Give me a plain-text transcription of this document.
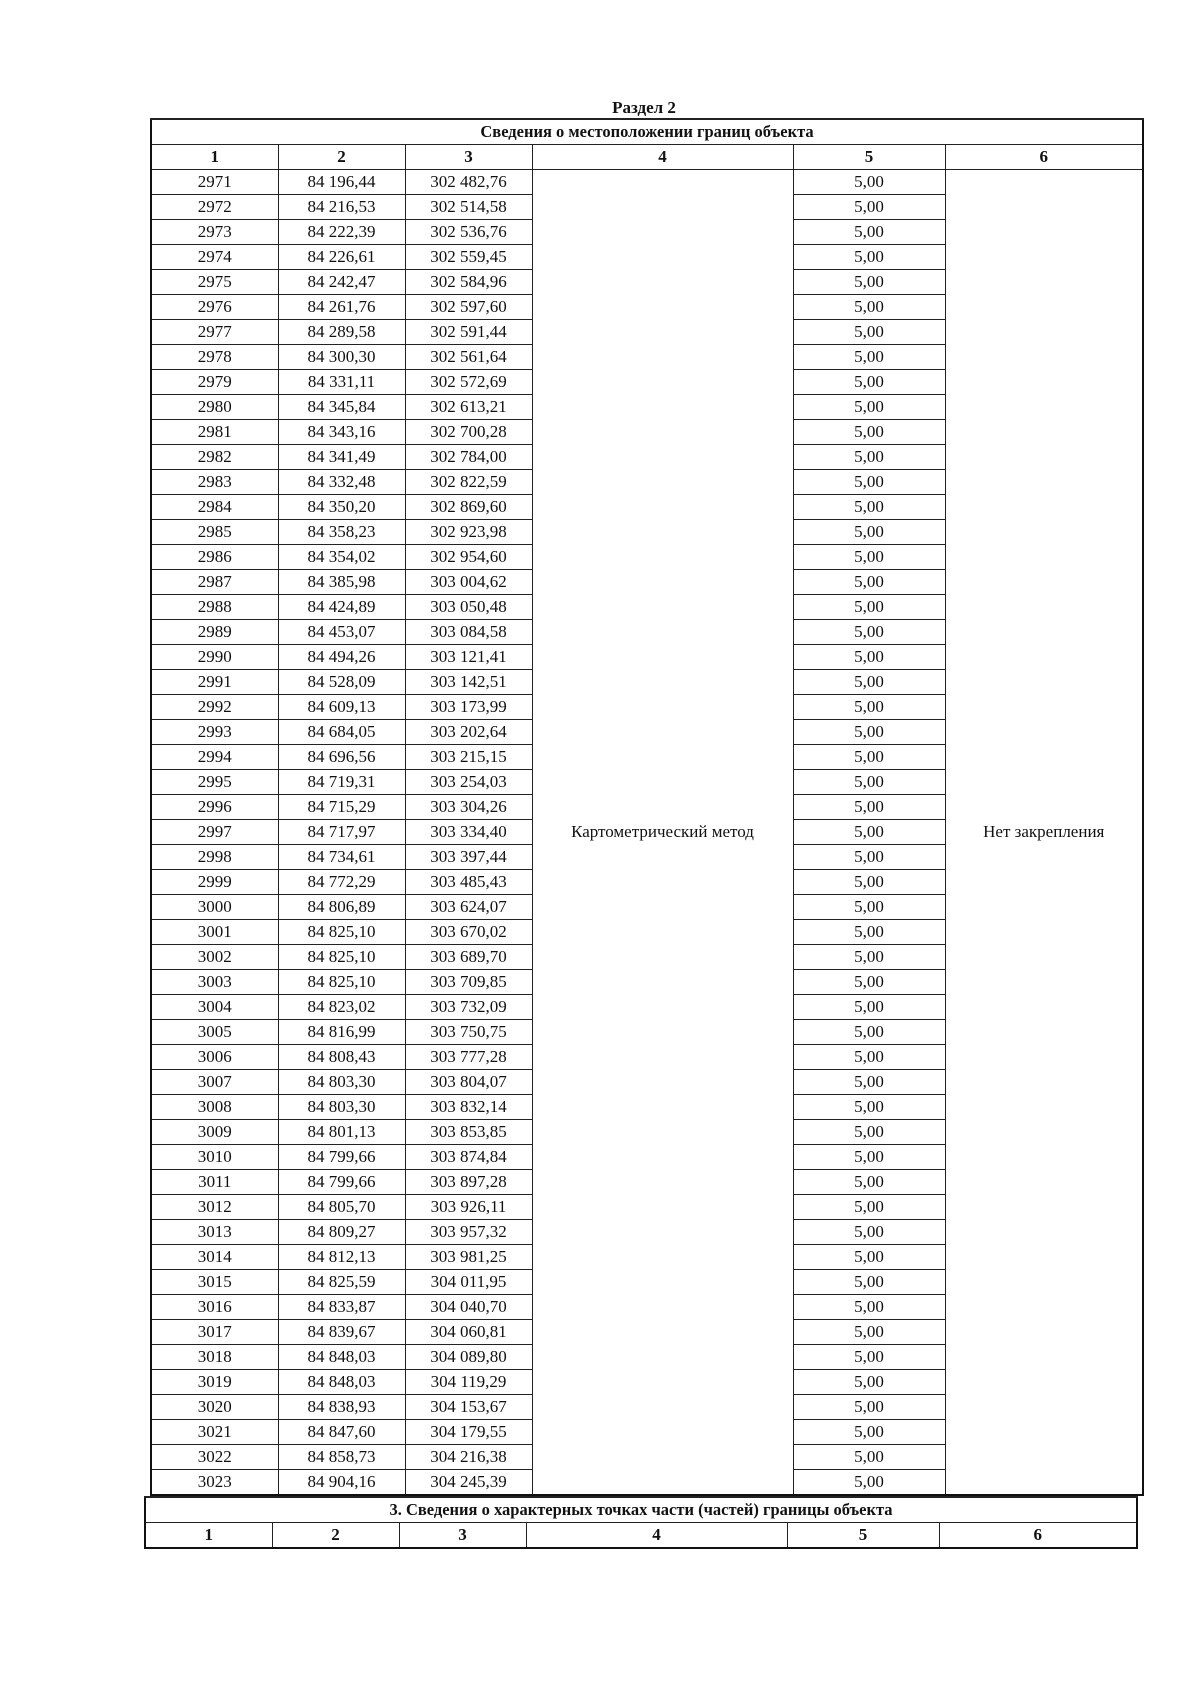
Раздел 2
Сведения о местоположении границ объекта					
1	2	3	4	5	6
2971	84 196,44	302 482,76	Картометрический метод	5,00	Нет закрепления
2972	84 216,53	302 514,58		5,00	
2973	84 222,39	302 536,76		5,00	
2974	84 226,61	302 559,45		5,00	
2975	84 242,47	302 584,96		5,00	
2976	84 261,76	302 597,60		5,00	
2977	84 289,58	302 591,44		5,00	
2978	84 300,30	302 561,64		5,00	
2979	84 331,11	302 572,69		5,00	
2980	84 345,84	302 613,21		5,00	
2981	84 343,16	302 700,28		5,00	
2982	84 341,49	302 784,00		5,00	
2983	84 332,48	302 822,59		5,00	
2984	84 350,20	302 869,60		5,00	
2985	84 358,23	302 923,98		5,00	
2986	84 354,02	302 954,60		5,00	
2987	84 385,98	303 004,62		5,00	
2988	84 424,89	303 050,48		5,00	
2989	84 453,07	303 084,58		5,00	
2990	84 494,26	303 121,41		5,00	
2991	84 528,09	303 142,51		5,00	
2992	84 609,13	303 173,99		5,00	
2993	84 684,05	303 202,64		5,00	
2994	84 696,56	303 215,15		5,00	
2995	84 719,31	303 254,03		5,00	
2996	84 715,29	303 304,26		5,00	
2997	84 717,97	303 334,40		5,00	
2998	84 734,61	303 397,44		5,00	
2999	84 772,29	303 485,43		5,00	
3000	84 806,89	303 624,07		5,00	
3001	84 825,10	303 670,02		5,00	
3002	84 825,10	303 689,70		5,00	
3003	84 825,10	303 709,85		5,00	
3004	84 823,02	303 732,09		5,00	
3005	84 816,99	303 750,75		5,00	
3006	84 808,43	303 777,28		5,00	
3007	84 803,30	303 804,07		5,00	
3008	84 803,30	303 832,14		5,00	
3009	84 801,13	303 853,85		5,00	
3010	84 799,66	303 874,84		5,00	
3011	84 799,66	303 897,28		5,00	
3012	84 805,70	303 926,11		5,00	
3013	84 809,27	303 957,32		5,00	
3014	84 812,13	303 981,25		5,00	
3015	84 825,59	304 011,95		5,00	
3016	84 833,87	304 040,70		5,00	
3017	84 839,67	304 060,81		5,00	
3018	84 848,03	304 089,80		5,00	
3019	84 848,03	304 119,29		5,00	
3020	84 838,93	304 153,67		5,00	
3021	84 847,60	304 179,55		5,00	
3022	84 858,73	304 216,38		5,00	
3023	84 904,16	304 245,39		5,00	
3. Сведения о характерных точках части (частей) границы объекта
1	2	3	4	5	6
